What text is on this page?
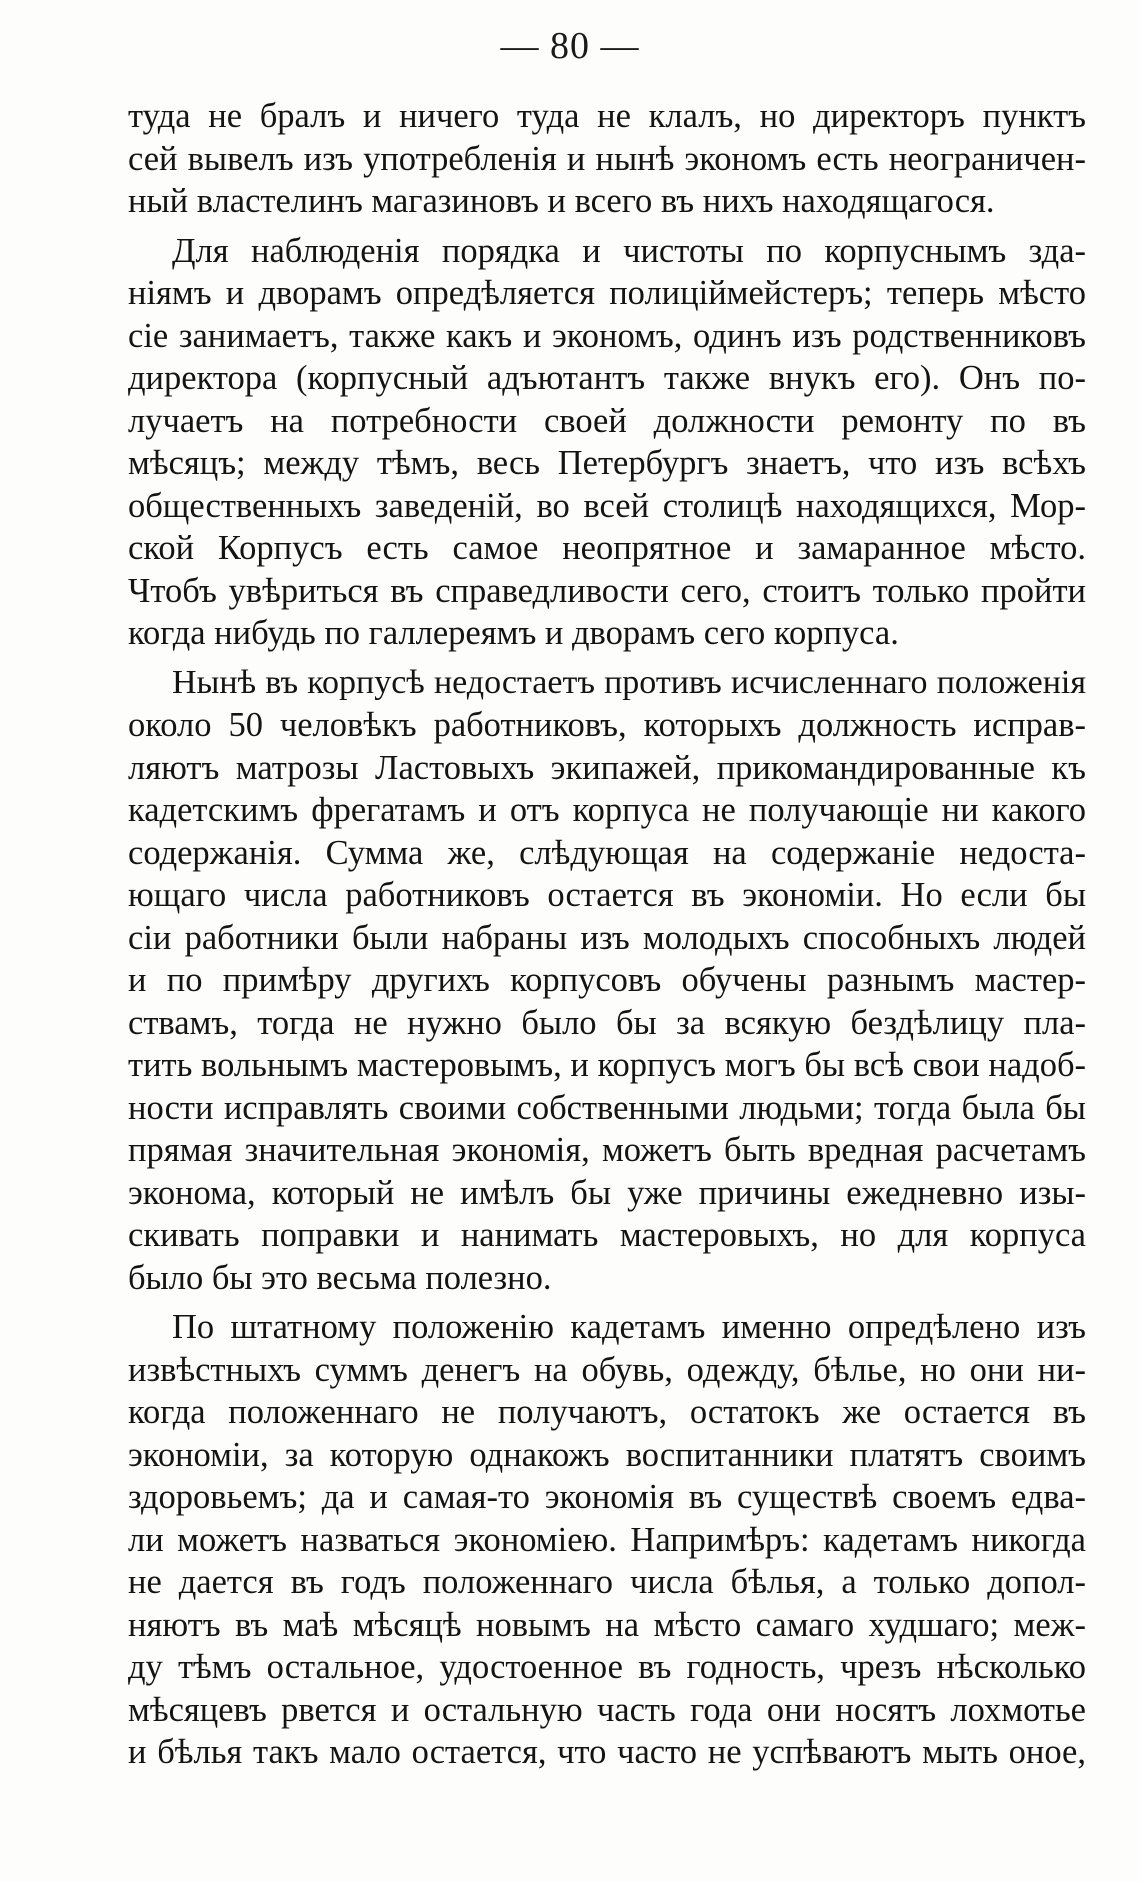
— 80 —
туда не бралъ и ничего туда не клалъ, но директоръ пунктъ
сей вывелъ изъ употребленія и нынѣ экономъ есть неограничен-
ный властелинъ магазиновъ и всего въ нихъ находящагося.
Для наблюденія порядка и чистоты по корпуснымъ зда-
ніямъ и дворамъ опредѣляется полиціймейстеръ; теперь мѣсто
сіе занимаетъ, также какъ и экономъ, одинъ изъ родственниковъ
директора (корпусный адъютантъ также внукъ его). Онъ по-
лучаетъ на потребности своей должности ремонту по въ
мѣсяцъ; между тѣмъ, весь Петербургъ знаетъ, что изъ всѣхъ
общественныхъ заведеній, во всей столицѣ находящихся, Мор-
ской Корпусъ есть самое неопрятное и замаранное мѣсто.
Чтобъ увѣриться въ справедливости сего, стоитъ только пройти
когда нибудь по галлереямъ и дворамъ сего корпуса.
Нынѣ въ корпусѣ недостаетъ противъ исчисленнаго положенія
около 50 человѣкъ работниковъ, которыхъ должность исправ-
ляютъ матрозы Ластовыхъ экипажей, прикомандированные къ
кадетскимъ фрегатамъ и отъ корпуса не получающіе ни какого
содержанія. Сумма же, слѣдующая на содержаніе недоста-
ющаго числа работниковъ остается въ экономіи. Но если бы
сіи работники были набраны изъ молодыхъ способныхъ людей
и по примѣру другихъ корпусовъ обучены разнымъ мастер-
ствамъ, тогда не нужно было бы за всякую бездѣлицу пла-
тить вольнымъ мастеровымъ, и корпусъ могъ бы всѣ свои надоб-
ности исправлять своими собственными людьми; тогда была бы
прямая значительная экономія, можетъ быть вредная расчетамъ
эконома, который не имѣлъ бы уже причины ежедневно изы-
скивать поправки и нанимать мастеровыхъ, но для корпуса
было бы это весьма полезно.
По штатному положенію кадетамъ именно опредѣлено изъ
извѣстныхъ суммъ денегъ на обувь, одежду, бѣлье, но они ни-
когда положеннаго не получаютъ, остатокъ же остается въ
экономіи, за которую однакожъ воспитанники платятъ своимъ
здоровьемъ; да и самая-то экономія въ существѣ своемъ едва-
ли можетъ назваться экономіею. Напримѣръ: кадетамъ никогда
не дается въ годъ положеннаго числа бѣлья, а только допол-
няютъ въ маѣ мѣсяцѣ новымъ на мѣсто самаго худшаго; меж-
ду тѣмъ остальное, удостоенное въ годность, чрезъ нѣсколько
мѣсяцевъ рвется и остальную часть года они носятъ лохмотье
и бѣлья такъ мало остается, что часто не успѣваютъ мыть оное,
